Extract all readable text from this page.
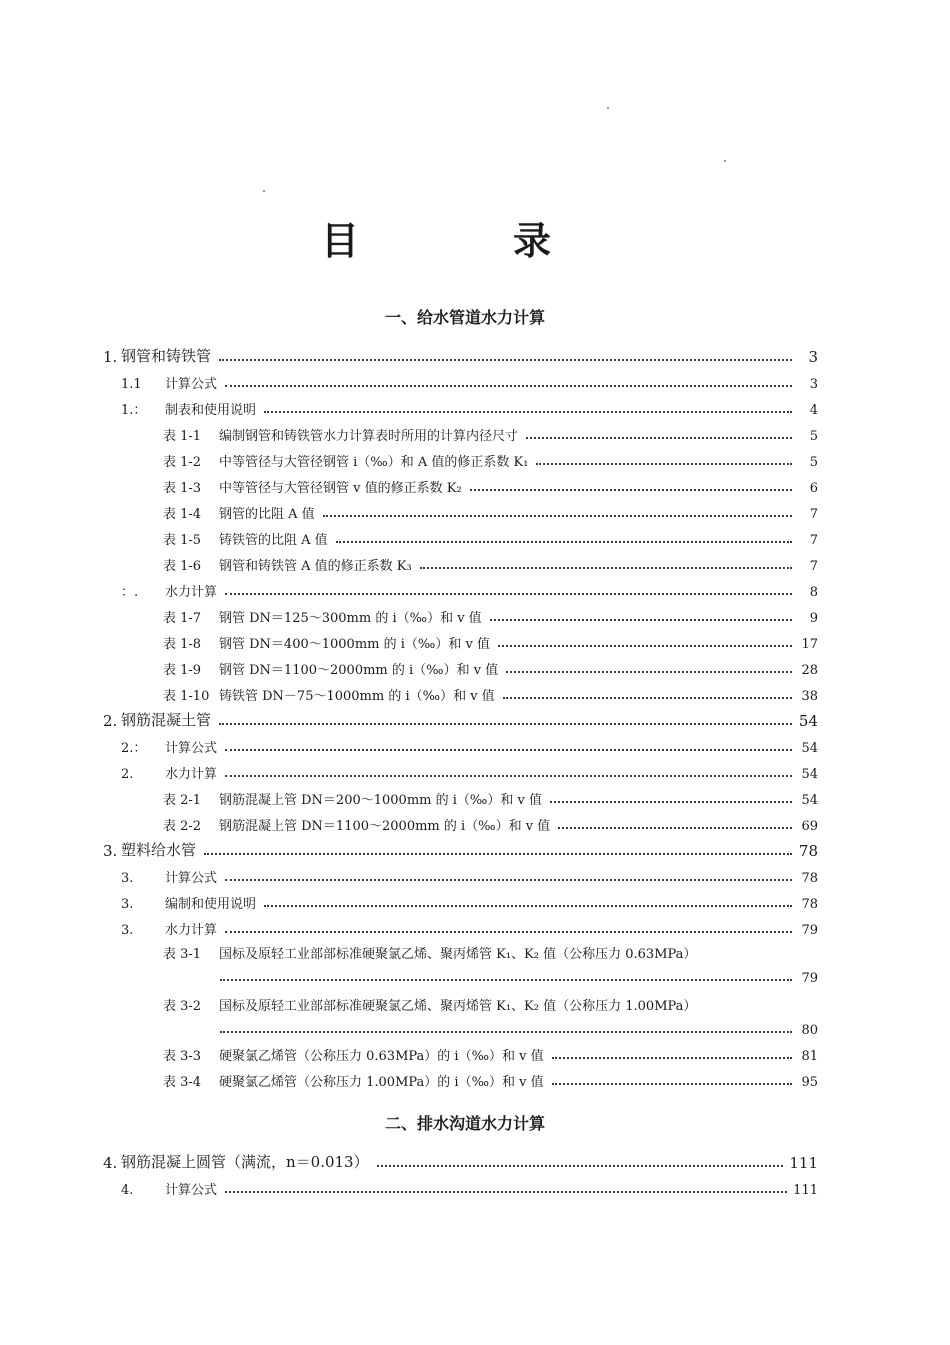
目　录
一、给水管道水力计算
二、排水沟道水力计算
1. 钢管和铸铁管	3
1.1	计算公式	3
1.：	制表和使用说明	4
表 1-1	编制钢管和铸铁管水力计算表时所用的计算内径尺寸	5
表 1-2	中等管径与大管径钢管 i（‰）和 A 值的修正系数 K₁	5
表 1-3	中等管径与大管径钢管 v 值的修正系数 K₂	6
表 1-4	钢管的比阻 A 值	7
表 1-5	铸铁管的比阻 A 值	7
表 1-6	钢管和铸铁管 A 值的修正系数 K₃	7
：.	水力计算	8
表 1-7	钢管 DN＝125～300mm 的 i（‰）和 v 值	9
表 1-8	钢管 DN＝400～1000mm 的 i（‰）和 v 值	17
表 1-9	钢管 DN＝1100～2000mm 的 i（‰）和 v 值	28
表 1-10 铸铁管 DN－75～1000mm 的 i（‰）和 v 值	38
2. 钢筋混凝土管	54
2.：	计算公式	54
2.	水力计算	54
表 2-1	钢筋混凝上管 DN＝200～1000mm 的 i（‰）和 v 值	54
表 2-2	钢筋混凝上管 DN＝1100～2000mm 的 i（‰）和 v 值	69
3. 塑料给水管	78
3.	计算公式	78
3.	编制和使用说明	78
3.	水力计算	79
表 3-1	国标及原轻工业部部标准硬聚氯乙烯、聚丙烯管 K₁、K₂ 值（公称压力 0.63MPa）
79
表 3-2	国标及原轻工业部部标准硬聚氯乙烯、聚丙烯管 K₁、K₂ 值（公称压力 1.00MPa）
80
表 3-3	硬聚氯乙烯管（公称压力 0.63MPa）的 i（‰）和 v 值	81
表 3-4	硬聚氯乙烯管（公称压力 1.00MPa）的 i（‰）和 v 值	95
4. 钢筋混凝上圆管（满流，n＝0.013）	111
4.	计算公式	111
